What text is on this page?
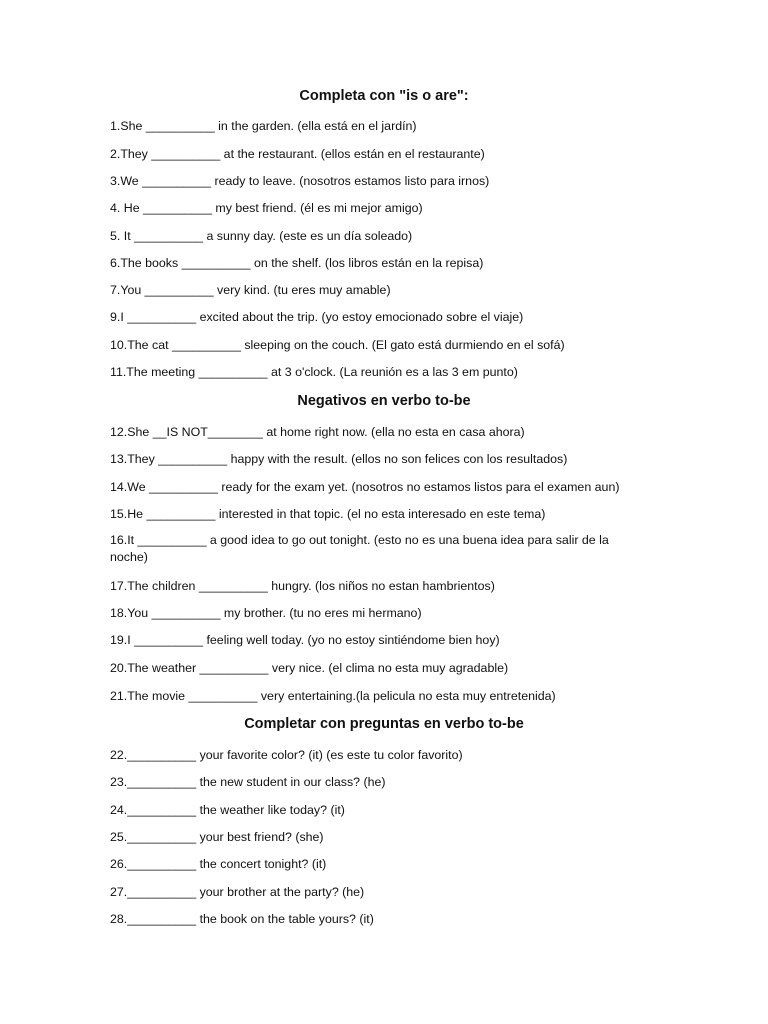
Completa con "is o are":
1.She __________ in the garden. (ella está en el jardín)
2.They __________ at the restaurant. (ellos están en el restaurante)
3.We __________ ready to leave. (nosotros estamos listo para irnos)
4. He __________ my best friend. (él es mi mejor amigo)
5. It __________ a sunny day. (este es un día soleado)
6.The books __________ on the shelf. (los libros están en la repisa)
7.You __________ very kind. (tu eres muy amable)
9.I __________ excited about the trip. (yo estoy emocionado sobre el viaje)
10.The cat __________ sleeping on the couch. (El gato está durmiendo en el sofá)
11.The meeting __________ at 3 o'clock. (La reunión es a las 3 em punto)
Negativos en verbo to-be
12.She __IS NOT________ at home right now. (ella no esta en casa ahora)
13.They __________ happy with the result. (ellos no son felices con los resultados)
14.We __________ ready for the exam yet. (nosotros no estamos listos para el examen aun)
15.He __________ interested in that topic. (el no esta interesado en este tema)
16.It __________ a good idea to go out tonight. (esto no es una buena idea para salir de la noche)
17.The children __________ hungry. (los niños no estan hambrientos)
18.You __________ my brother. (tu no eres mi hermano)
19.I __________ feeling well today. (yo no estoy sintiéndome bien hoy)
20.The weather __________ very nice. (el clima no esta muy agradable)
21.The movie __________ very entertaining.(la pelicula no esta muy entretenida)
Completar con preguntas en verbo to-be
22.__________ your favorite color? (it) (es este tu color favorito)
23.__________ the new student in our class? (he)
24.__________ the weather like today? (it)
25.__________ your best friend? (she)
26.__________ the concert tonight? (it)
27.__________ your brother at the party? (he)
28.__________ the book on the table yours? (it)
